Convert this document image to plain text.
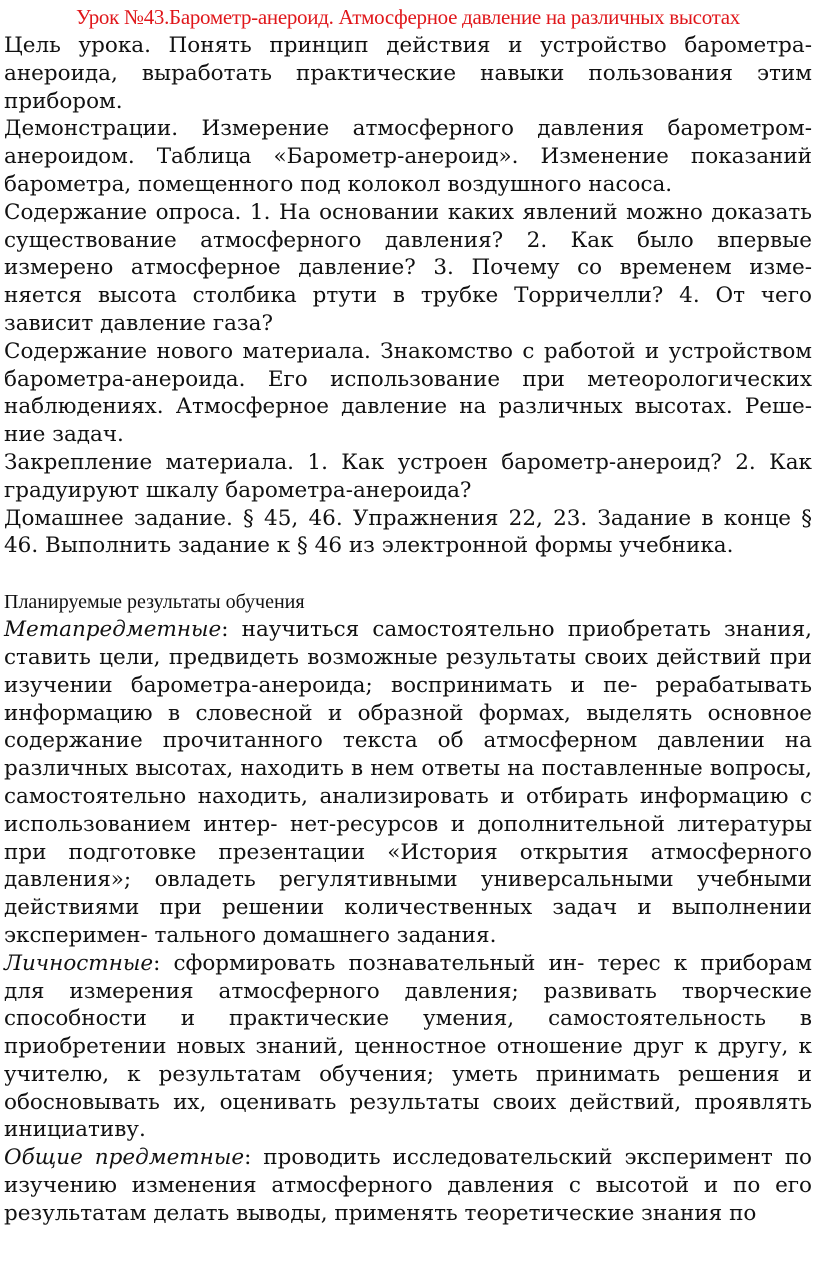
Урок №43.Барометр-анероид. Атмосферное давление на различных высотах

Цель урока. Понять принцип действия и устройство барометра-анероида, выработать практические навыки пользования этим прибором.

Демонстрации. Измерение атмосферного давления барометром-анероидом. Таблица «Барометр-анероид». Изменение показаний барометра, помещенного под колокол воздушного насоса.

Содержание опроса. 1. На основании каких явлений можно доказать существование атмосферного давления? 2. Как было впервые измерено атмосферное давление? 3. Почему со временем изме- няется высота столбика ртути в трубке Торричелли? 4. От чего зависит давление газа?

Содержание нового материала. Знакомство с работой и устройством барометра-анероида. Его использование при метеорологических наблюдениях. Атмосферное давление на различных высотах. Реше- ние задач.

Закрепление материала. 1. Как устроен барометр-анероид? 2. Как градуируют шкалу барометра-анероида?

Домашнее задание. § 45, 46. Упражнения 22, 23. Задание в конце § 46. Выполнить задание к § 46 из электронной формы учебника.

Планируемые результаты обучения

Метапредметные: научиться самостоятельно приобретать знания, ставить цели, предвидеть возможные результаты своих действий при изучении барометра-анероида; воспринимать и пе- рерабатывать информацию в словесной и образной формах, выделять основное содержание прочитанного текста об атмосферном давлении на различных высотах, находить в нем ответы на поставленные вопросы, самостоятельно находить, анализировать и отбирать информацию с использованием интер- нет-ресурсов и дополнительной литературы при подготовке презентации «История открытия атмосферного давления»; овладеть регулятивными универсальными учебными действиями при решении количественных задач и выполнении эксперимен- тального домашнего задания.

Личностные: сформировать познавательный ин- терес к приборам для измерения атмосферного давления; развивать творческие способности и практические умения, самостоятельность в приобретении новых знаний, ценностное отношение друг к другу, к учителю, к результатам обучения; уметь принимать решения и обосновывать их, оценивать результаты своих действий, проявлять инициативу.

Общие предметные: проводить исследовательский эксперимент по изучению изменения атмосферного давления с высотой и по его результатам делать выводы, применять теоретические знания по
